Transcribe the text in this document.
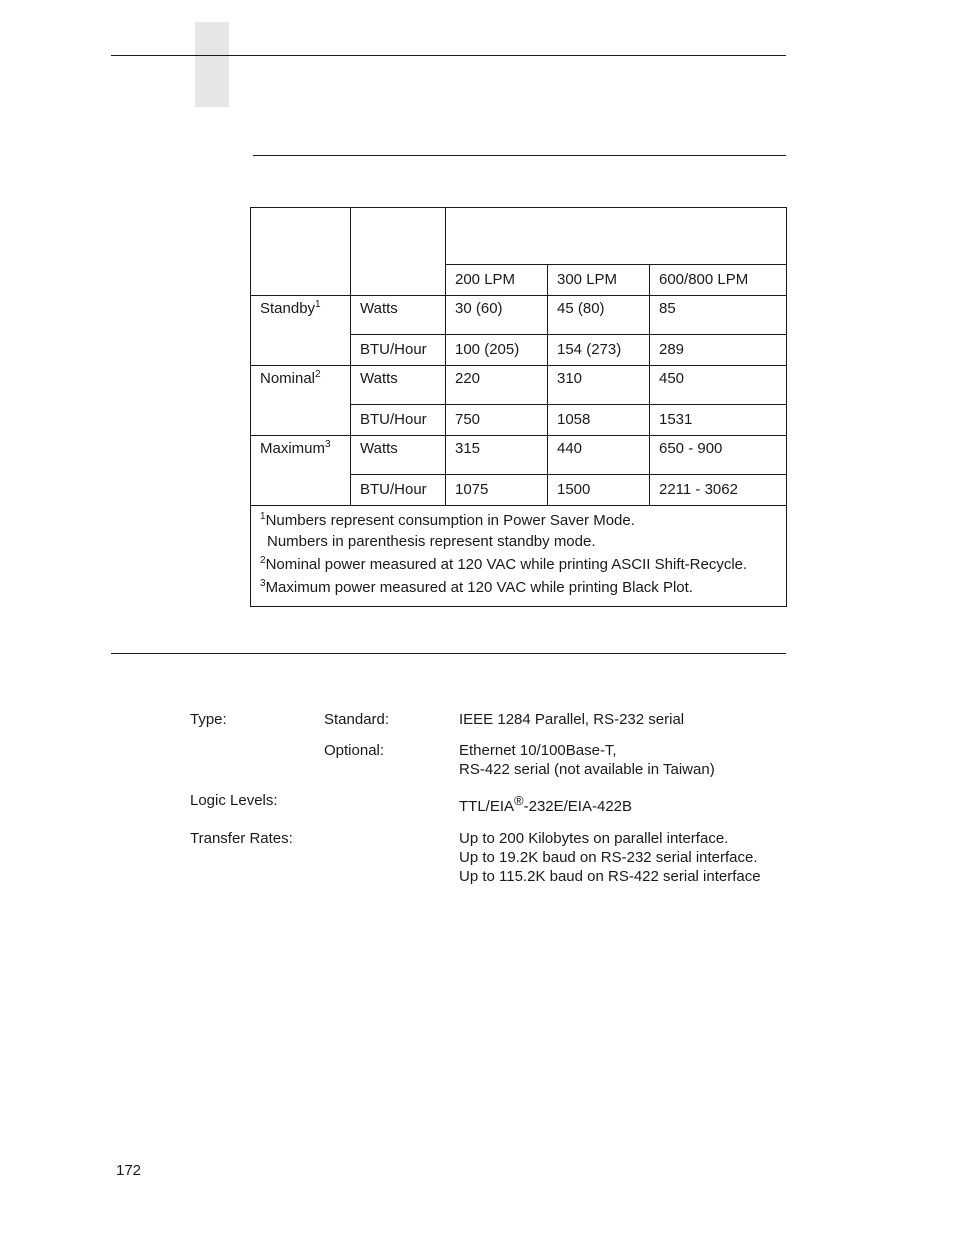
		200 LPM	300 LPM	600/800 LPM
Standby$^1$	Watts	30 (60)	45 (80)	85
	BTU/Hour	100 (205)	154 (273)	289
Nominal$^2$	Watts	220	310	450
	BTU/Hour	750	1058	1531
Maximum$^3$	Watts	315	440	650 - 900
	BTU/Hour	1075	1500	2211 - 3062

$^1$Numbers represent consumption in Power Saver Mode.
Numbers in parenthesis represent standby mode.
$^2$Nominal power measured at 120 VAC while printing ASCII Shift-Recycle.
$^3$Maximum power measured at 120 VAC while printing Black Plot.				
Type:	Standard:	IEEE 1284 Parallel, RS-232 serial
Optional:	Ethernet 10/100Base-T,
RS-422 serial (not available in Taiwan)
Logic Levels:	TTL/EIA®-232E/EIA-422B
Transfer Rates:	Up to 200 Kilobytes on parallel interface.
Up to 19.2K baud on RS-232 serial interface.
Up to 115.2K baud on RS-422 serial interface
172
